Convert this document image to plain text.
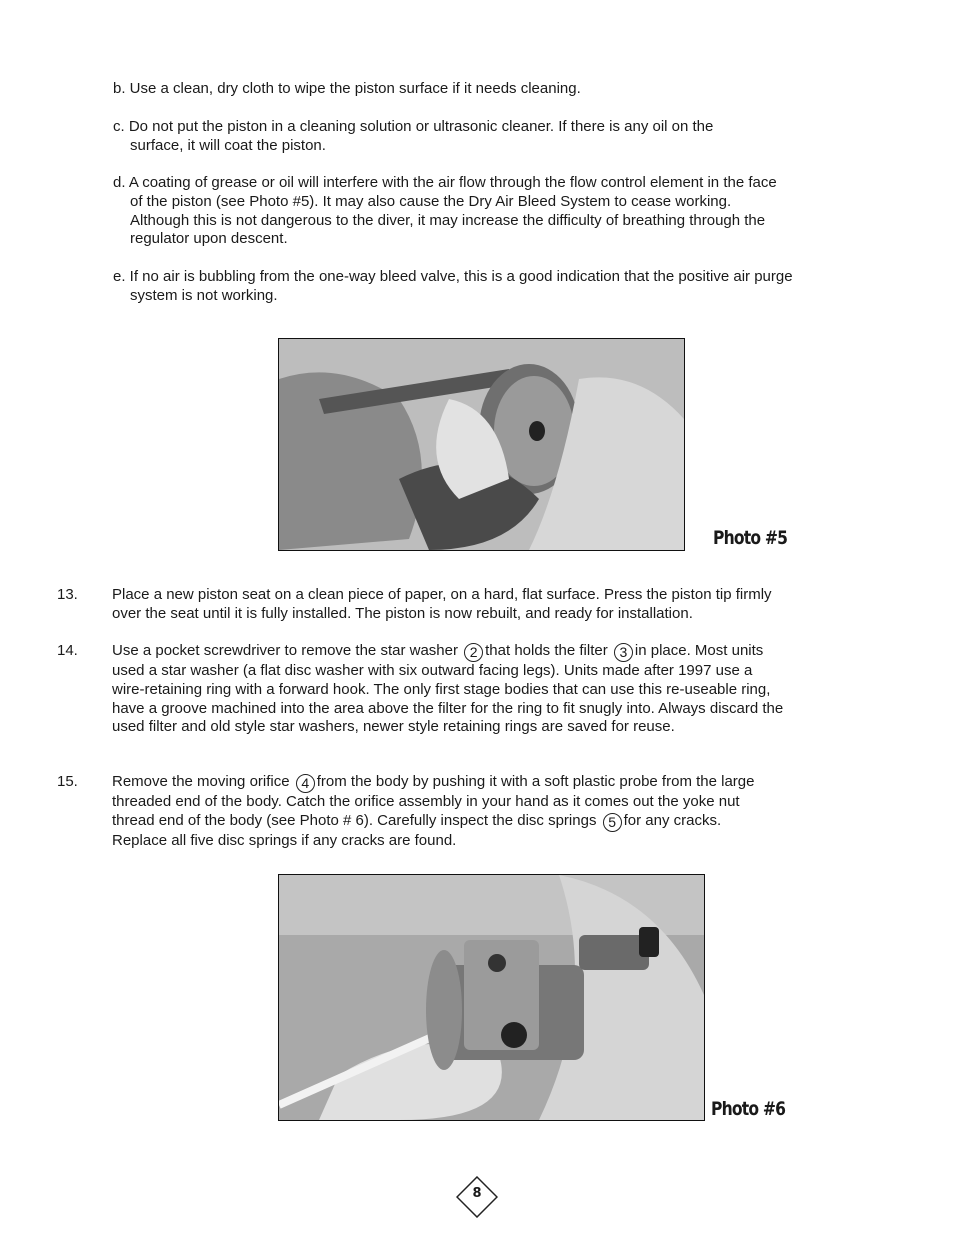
b. Use a clean, dry cloth to wipe the piston surface if it needs cleaning.
c. Do not put the piston in a cleaning solution or ultrasonic cleaner. If there is any oil on the surface, it will coat the piston.
d. A coating of grease or oil will interfere with the air flow through the flow control element in the face of the piston (see Photo #5). It may also cause the Dry Air Bleed System to cease working. Although this is not dangerous to the diver, it may increase the difficulty of breathing through the regulator upon descent.
e. If no air is bubbling from the one-way bleed valve, this is a good indication that the positive air purge system is not working.
Photo #5
13. Place a new piston seat on a clean piece of paper, on a hard, flat surface. Press the piston tip firmly over the seat until it is fully installed. The piston is now rebuilt, and ready for installation.
14. Use a pocket screwdriver to remove the star washer 2 that holds the filter 3 in place. Most units used a star washer (a flat disc washer with six outward facing legs). Units made after 1997 use a wire-retaining ring with a forward hook. The only first stage bodies that can use this re-useable ring, have a groove machined into the area above the filter for the ring to fit snugly into. Always discard the used filter and old style star washers, newer style retaining rings are saved for reuse.
15. Remove the moving orifice 4 from the body by pushing it with a soft plastic probe from the large threaded end of the body. Catch the orifice assembly in your hand as it comes out the yoke nut thread end of the body (see Photo # 6). Carefully inspect the disc springs 5 for any cracks. Replace all five disc springs if any cracks are found.
Photo #6
8
